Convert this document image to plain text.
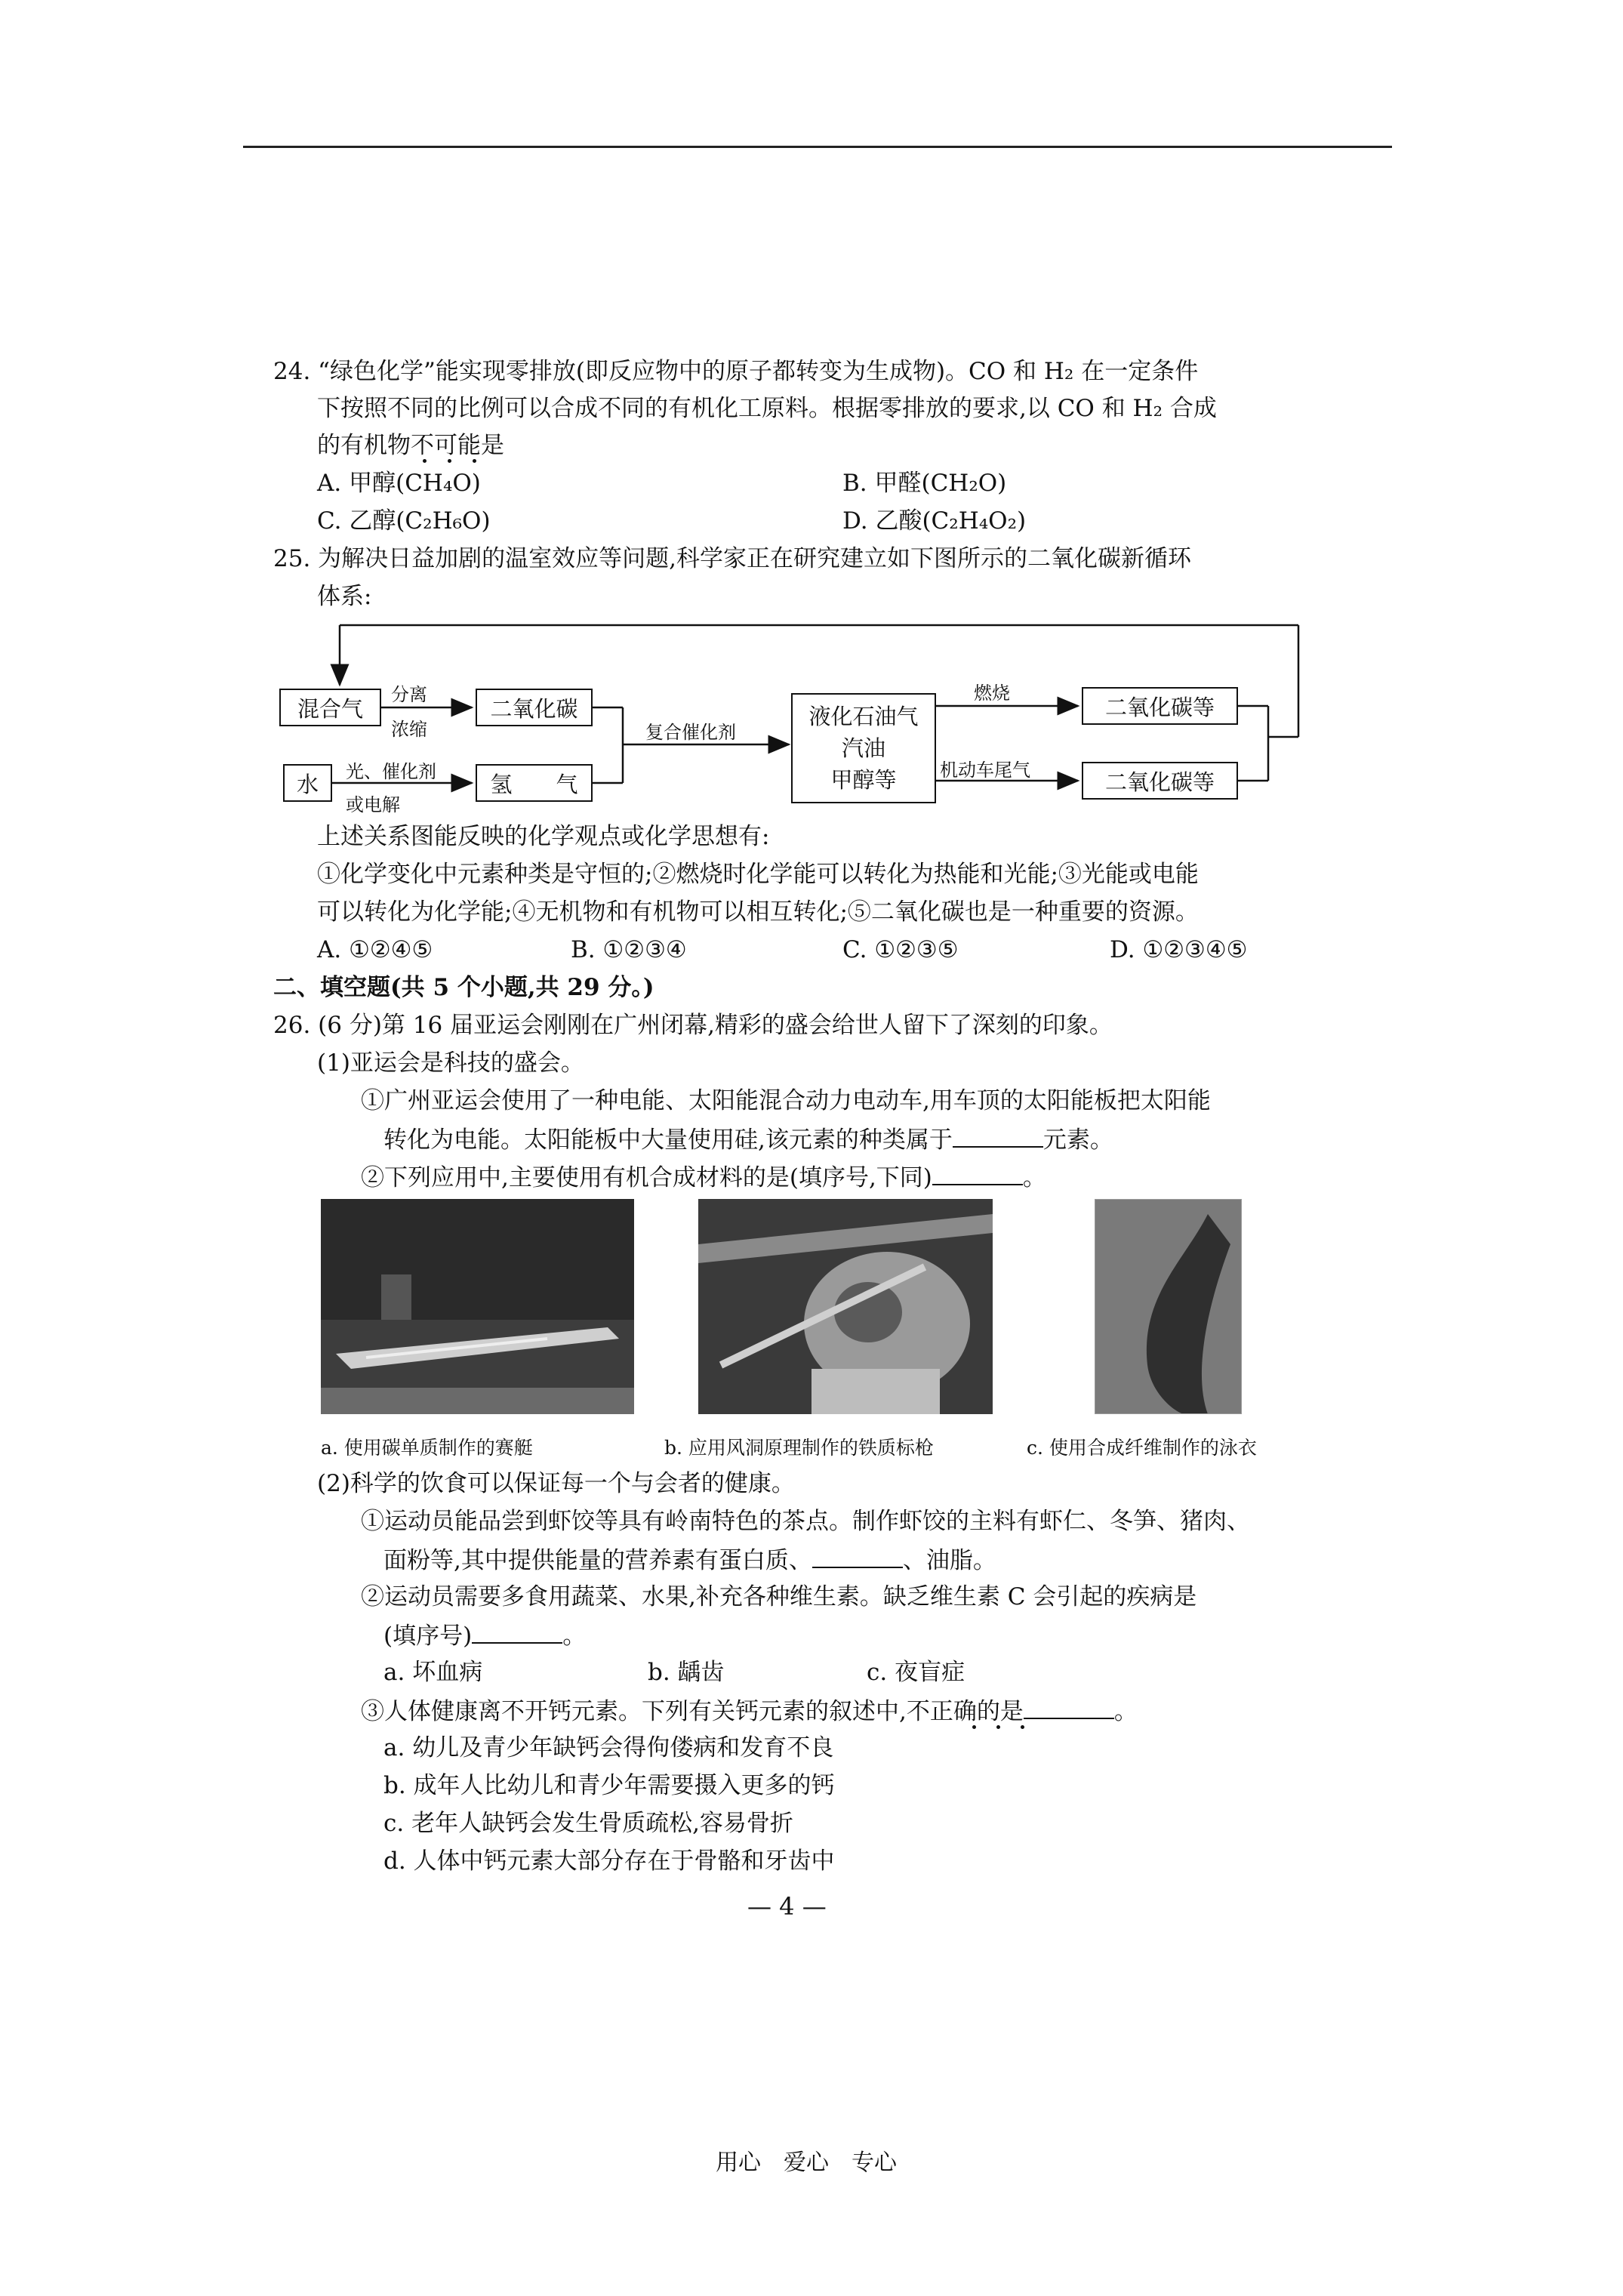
24. “绿色化学”能实现零排放(即反应物中的原子都转变为生成物)。CO 和 H₂ 在一定条件
下按照不同的比例可以合成不同的有机化工原料。根据零排放的要求,以 CO 和 H₂ 合成
的有机物不可能是
A. 甲醇(CH₄O)	B. 甲醛(CH₂O)
C. 乙醇(C₂H₆O)	D. 乙酸(C₂H₄O₂)
25. 为解决日益加剧的温室效应等问题,科学家正在研究建立如下图所示的二氧化碳新循环
体系:
混合气
水
二氧化碳
氢　　气
液化石油气
汽油
甲醇等
二氧化碳等
二氧化碳等
分离
浓缩
光、催化剂
或电解
复合催化剂
燃烧
机动车尾气
上述关系图能反映的化学观点或化学思想有:
①化学变化中元素种类是守恒的;②燃烧时化学能可以转化为热能和光能;③光能或电能
可以转化为化学能;④无机物和有机物可以相互转化;⑤二氧化碳也是一种重要的资源。
A. ①②④⑤	B. ①②③④	C. ①②③⑤	D. ①②③④⑤
二、填空题(共 5 个小题,共 29 分。)
26. (6 分)第 16 届亚运会刚刚在广州闭幕,精彩的盛会给世人留下了深刻的印象。
(1)亚运会是科技的盛会。
①广州亚运会使用了一种电能、太阳能混合动力电动车,用车顶的太阳能板把太阳能
转化为电能。太阳能板中大量使用硅,该元素的种类属于	元素。
②下列应用中,主要使用有机合成材料的是(填序号,下同)	。
a. 使用碳单质制作的赛艇	b. 应用风洞原理制作的铁质标枪	c. 使用合成纤维制作的泳衣
(2)科学的饮食可以保证每一个与会者的健康。
①运动员能品尝到虾饺等具有岭南特色的茶点。制作虾饺的主料有虾仁、冬笋、猪肉、
面粉等,其中提供能量的营养素有蛋白质、	、油脂。
②运动员需要多食用蔬菜、水果,补充各种维生素。缺乏维生素 C 会引起的疾病是
(填序号)	。
a. 坏血病	b. 龋齿	c. 夜盲症
③人体健康离不开钙元素。下列有关钙元素的叙述中,不正确的是	。
a. 幼儿及青少年缺钙会得佝偻病和发育不良
b. 成年人比幼儿和青少年需要摄入更多的钙
c. 老年人缺钙会发生骨质疏松,容易骨折
d. 人体中钙元素大部分存在于骨骼和牙齿中
— 4 —
用心　爱心　专心
